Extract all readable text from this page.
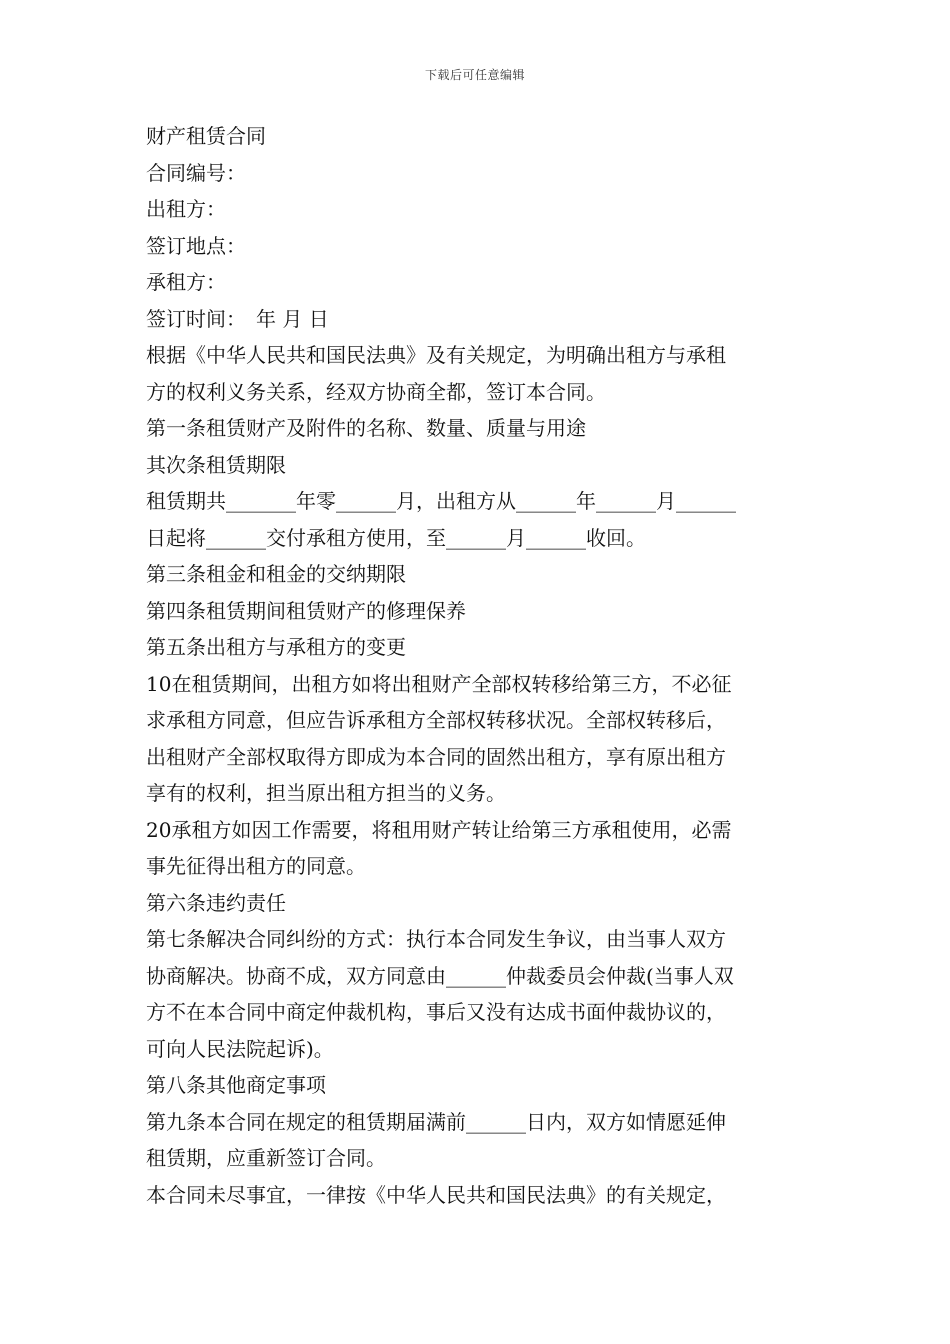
下载后可任意编辑
财产租赁合同
合同编号：
出租方：
签订地点：
承租方：
签订时间：　年 月 日
根据《中华人民共和国民法典》及有关规定，为明确出租方与承租
方的权利义务关系，经双方协商全都，签订本合同。
第一条租赁财产及附件的名称、数量、质量与用途
其次条租赁期限
租赁期共_______年零______月，出租方从______年______月______
日起将______交付承租方使用，至______月______收回。
第三条租金和租金的交纳期限
第四条租赁期间租赁财产的修理保养
第五条出租方与承租方的变更
10在租赁期间，出租方如将出租财产全部权转移给第三方，不必征
求承租方同意，但应告诉承租方全部权转移状况。全部权转移后，
出租财产全部权取得方即成为本合同的固然出租方，享有原出租方
享有的权利，担当原出租方担当的义务。
20承租方如因工作需要，将租用财产转让给第三方承租使用，必需
事先征得出租方的同意。
第六条违约责任
第七条解决合同纠纷的方式：执行本合同发生争议，由当事人双方
协商解决。协商不成，双方同意由______仲裁委员会仲裁(当事人双
方不在本合同中商定仲裁机构，事后又没有达成书面仲裁协议的，
可向人民法院起诉)。
第八条其他商定事项
第九条本合同在规定的租赁期届满前______日内，双方如情愿延伸
租赁期，应重新签订合同。
本合同未尽事宜，一律按《中华人民共和国民法典》的有关规定，
